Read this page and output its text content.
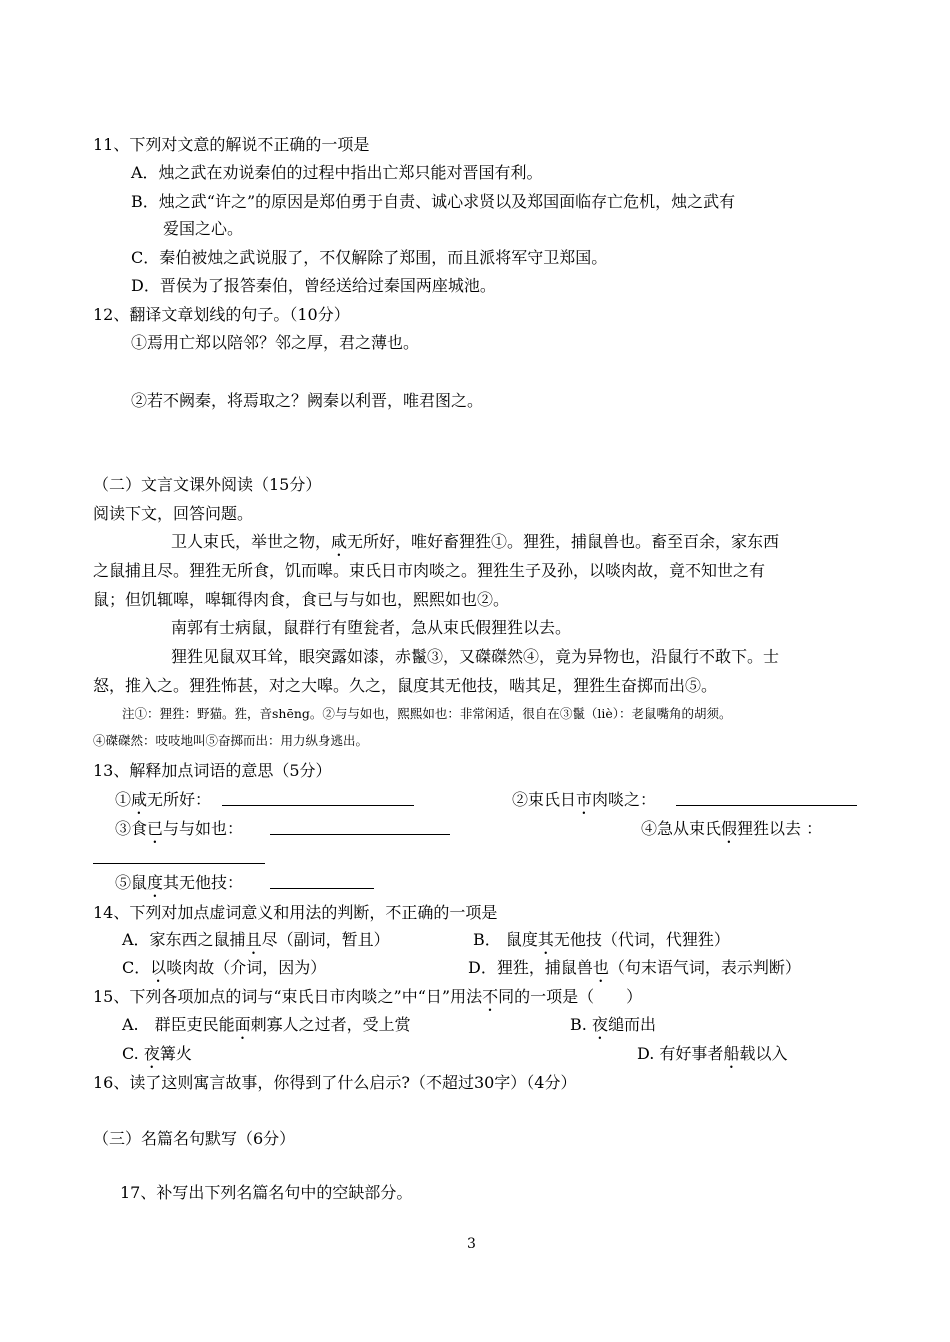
11、下列对文意的解说不正确的一项是
A．烛之武在劝说秦伯的过程中指出亡郑只能对晋国有利。
B．烛之武“许之”的原因是郑伯勇于自责、诚心求贤以及郑国面临存亡危机，烛之武有
爱国之心。
C．秦伯被烛之武说服了，不仅解除了郑围，而且派将军守卫郑国。
D．晋侯为了报答秦伯，曾经送给过秦国两座城池。
12、翻译文章划线的句子。（10分）
①焉用亡郑以陪邻？邻之厚，君之薄也。
②若不阙秦，将焉取之？阙秦以利晋，唯君图之。
（二）文言文课外阅读（15分）
阅读下文，回答问题。
卫人束氏，举世之物，咸无所好，唯好畜狸狌①。狸狌，捕鼠兽也。畜至百余，家东西
之鼠捕且尽。狸狌无所食，饥而嗥。束氏日市肉啖之。狸狌生子及孙，以啖肉故，竟不知世之有
鼠；但饥辄嗥，嗥辄得肉食，食已与与如也，熙熙如也②。
南郭有士病鼠，鼠群行有堕瓮者，急从束氏假狸狌以去。
狸狌见鼠双耳耸，眼突露如漆，赤鬣③，又磔磔然④，竟为异物也，沿鼠行不敢下。士
怒，推入之。狸狌怖甚，对之大嗥。久之，鼠度其无他技，啮其足，狸狌生奋掷而出⑤。
注①：狸狌：野猫。狌，音shēng。②与与如也，熙熙如也：非常闲适，很自在③鬣（liè）：老鼠嘴角的胡须。
④磔磔然：吱吱地叫⑤奋掷而出：用力纵身逃出。
13、解释加点词语的意思（5分）
①咸无所好：	②束氏日市肉啖之：
③食已与与如也：	④急从束氏假狸狌以去 ：
⑤鼠度其无他技：
14、下列对加点虚词意义和用法的判断，不正确的一项是
A．家东西之鼠捕且尽（副词，暂且）	B． 鼠度其无他技（代词，代狸狌）
C．以啖肉故（介词，因为）	D．狸狌，捕鼠兽也（句末语气词，表示判断）
15、下列各项加点的词与“束氏日市肉啖之”中“日”用法不同的一项是（　　）
A.　群臣吏民能面刺寡人之过者，受上赏	B. 夜缒而出
C. 夜篝火	D. 有好事者船载以入
16、读了这则寓言故事，你得到了什么启示?（不超过30字）（4分）
（三）名篇名句默写（6分）
17、补写出下列名篇名句中的空缺部分。
3
